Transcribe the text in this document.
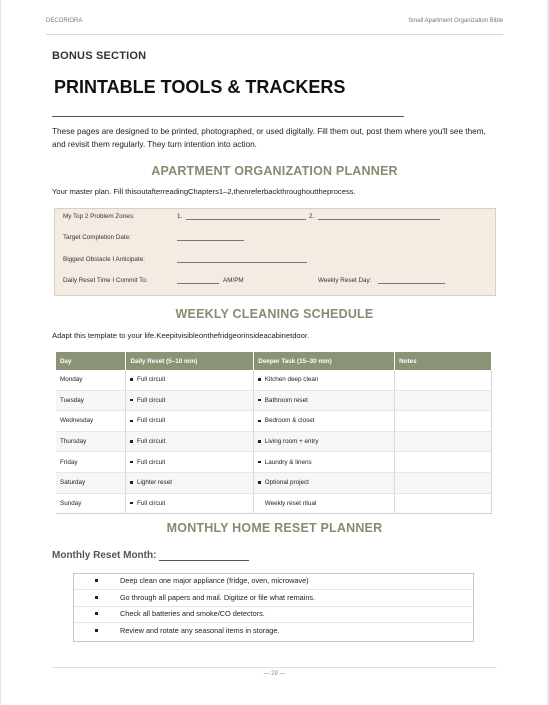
DECORIORA	Small Apartment Organization Bible
BONUS SECTION
PRINTABLE TOOLS & TRACKERS
These pages are designed to be printed, photographed, or used digitally. Fill them out, post them where you'll see them, and revisit them regularly. They turn intention into action.
APARTMENT ORGANIZATION PLANNER
Your master plan. Fill thisoutafterreadingChapters1–2,thenreferbackthroughouttheprocess.
My Top 2 Problem Zones:	1.	2.
Target Completion Date:
Biggest Obstacle I Anticipate:
Daily Reset Time I Commit To:	AM/PM	Weekly Reset Day:
WEEKLY CLEANING SCHEDULE
Adapt this template to your life.Keepitvisibleonthefridgeorinsideacabinetdoor.
Day	Daily Reset (5–10 min)	Deeper Task (15–30 min)	Notes
Monday	Full circuit	Kitchen deep clean	
Tuesday	Full circuit	Bathroom reset	
Wednesday	Full circuit	Bedroom & closet	
Thursday	Full circuit	Living room + entry	
Friday	Full circuit	Laundry & linens	
Saturday	Lighter reset	Optional project	
Sunday	Full circuit	Weekly reset ritual	
MONTHLY HOME RESET PLANNER
Monthly Reset Month:
Deep clean one major appliance (fridge, oven, microwave)
Go through all papers and mail. Digitize or file what remains.
Check all batteries and smoke/CO detectors.
Review and rotate any seasonal items in storage.
— 29 —
